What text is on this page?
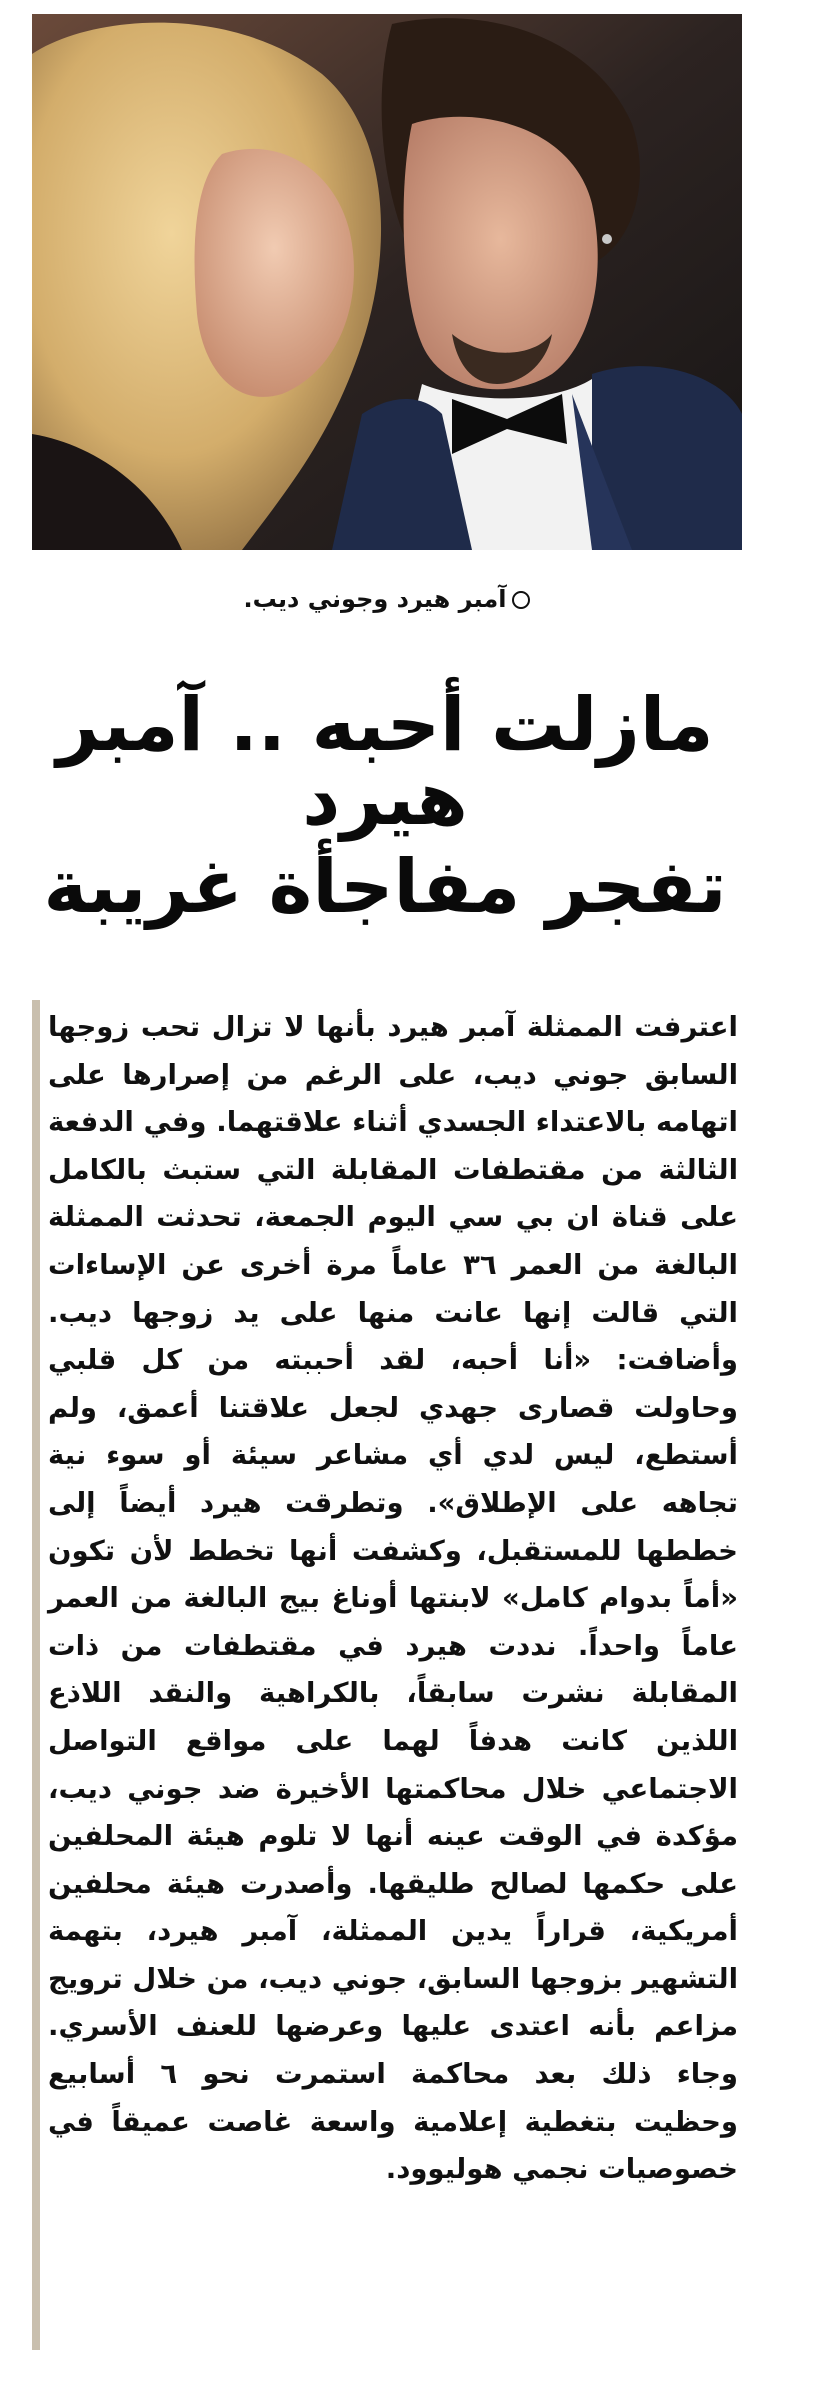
آمبر هيرد وجوني ديب.
مازلت أحبه .. آمبر هيرد
تفجر مفاجأة غريبة

اعترفت الممثلة آمبر هيرد بأنها لا تزال تحب زوجها السابق جوني ديب، على الرغم من إصرارها على اتهامه بالاعتداء الجسدي أثناء علاقتهما. وفي الدفعة الثالثة من مقتطفات المقابلة التي ستبث بالكامل على قناة ان بي سي اليوم الجمعة، تحدثت الممثلة البالغة من العمر ٣٦ عاماً مرة أخرى عن الإساءات التي قالت إنها عانت منها على يد زوجها ديب. وأضافت: «أنا أحبه، لقد أحببته من كل قلبي وحاولت قصارى جهدي لجعل علاقتنا أعمق، ولم أستطع، ليس لدي أي مشاعر سيئة أو سوء نية تجاهه على الإطلاق». وتطرقت هيرد أيضاً إلى خططها للمستقبل، وكشفت أنها تخطط لأن تكون «أماً بدوام كامل» لابنتها أوناغ بيج البالغة من العمر عاماً واحداً. نددت هيرد في مقتطفات من ذات المقابلة نشرت سابقاً، بالكراهية والنقد اللاذع اللذين كانت هدفاً لهما على مواقع التواصل الاجتماعي خلال محاكمتها الأخيرة ضد جوني ديب، مؤكدة في الوقت عينه أنها لا تلوم هيئة المحلفين على حكمها لصالح طليقها. وأصدرت هيئة محلفين أمريكية، قراراً يدين الممثلة، آمبر هيرد، بتهمة التشهير بزوجها السابق، جوني ديب، من خلال ترويج مزاعم بأنه اعتدى عليها وعرضها للعنف الأسري. وجاء ذلك بعد محاكمة استمرت نحو ٦ أسابيع وحظيت بتغطية إعلامية واسعة غاصت عميقاً في خصوصيات نجمي هوليوود.
